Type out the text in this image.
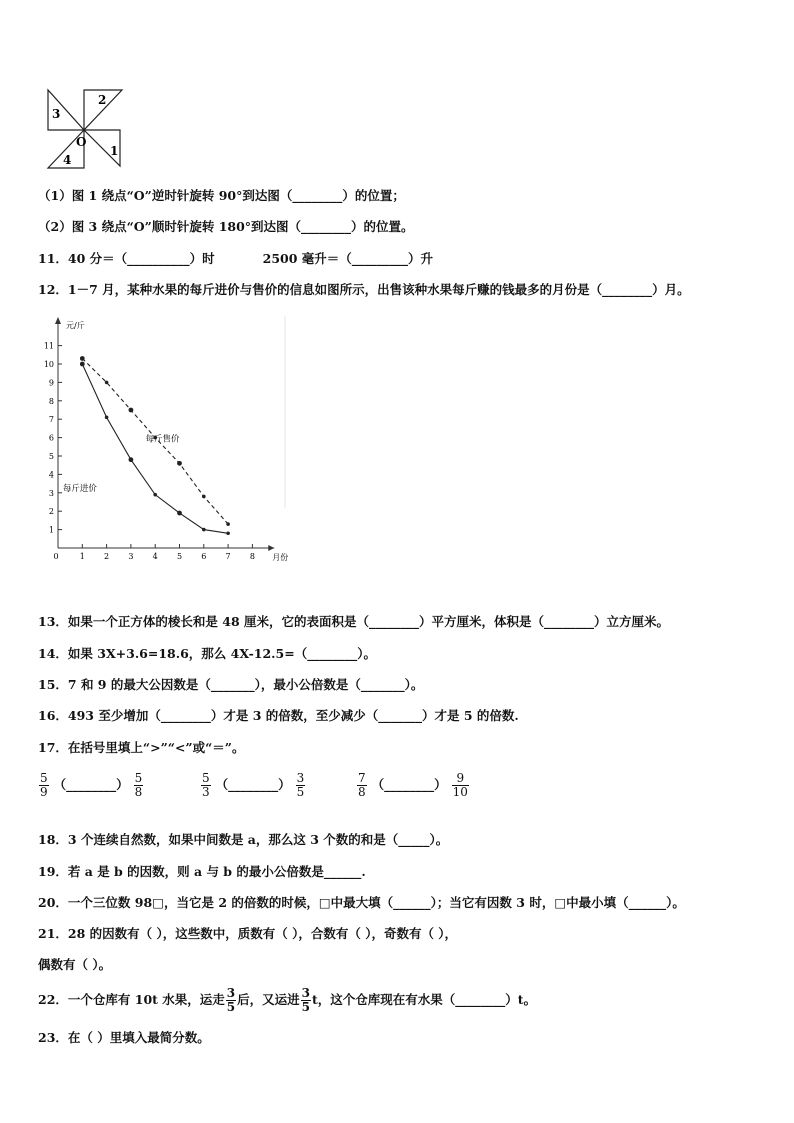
3
2
O
4
1
（1）图 1 绕点“O”逆时针旋转 90°到达图（________）的位置；
（2）图 3 绕点“O”顺时针旋转 180°到达图（________）的位置。
11．40 分＝（__________）时	2500 毫升＝（_________）升
12．1－7 月，某种水果的每斤进价与售价的信息如图所示，出售该种水果每斤赚的钱最多的月份是（________）月。
1
2
3
4
5
6
7
8
9
10
11
1 2 3 4 5 6 7 8
0
元/斤
月份
每斤售价
每斤进价
13．如果一个正方体的棱长和是 48 厘米，它的表面积是（________）平方厘米，体积是（________）立方厘米。
14．如果 3X+3.6=18.6，那么 4X-12.5=（________）。
15．7 和 9 的最大公因数是（_______），最小公倍数是（_______）。
16．493 至少增加（________）才是 3 的倍数，至少减少（_______）才是 5 的倍数.
17．在括号里填上“>”“<”或“＝”。
$\frac{5}{9}$ （________） $\frac{5}{8}$	$\frac{5}{3}$ （________） $\frac{3}{5}$	$\frac{7}{8}$ （________） $\frac{9}{10}$
18．3 个连续自然数，如果中间数是 a，那么这 3 个数的和是（_____）。
19．若 a 是 b 的因数，则 a 与 b 的最小公倍数是______.
20．一个三位数 98□，当它是 2 的倍数的时候，□中最大填（______）；当它有因数 3 时，□中最小填（______）。
21．28 的因数有（ ），这些数中，质数有（ ），合数有（ ），奇数有（ ），
偶数有（ ）。
22．一个仓库有 10t 水果，运走 $\frac{3}{5}$ 后，又运进 $\frac{3}{5}$ t，这个仓库现在有水果（________）t。
23．在（ ）里填入最简分数。
